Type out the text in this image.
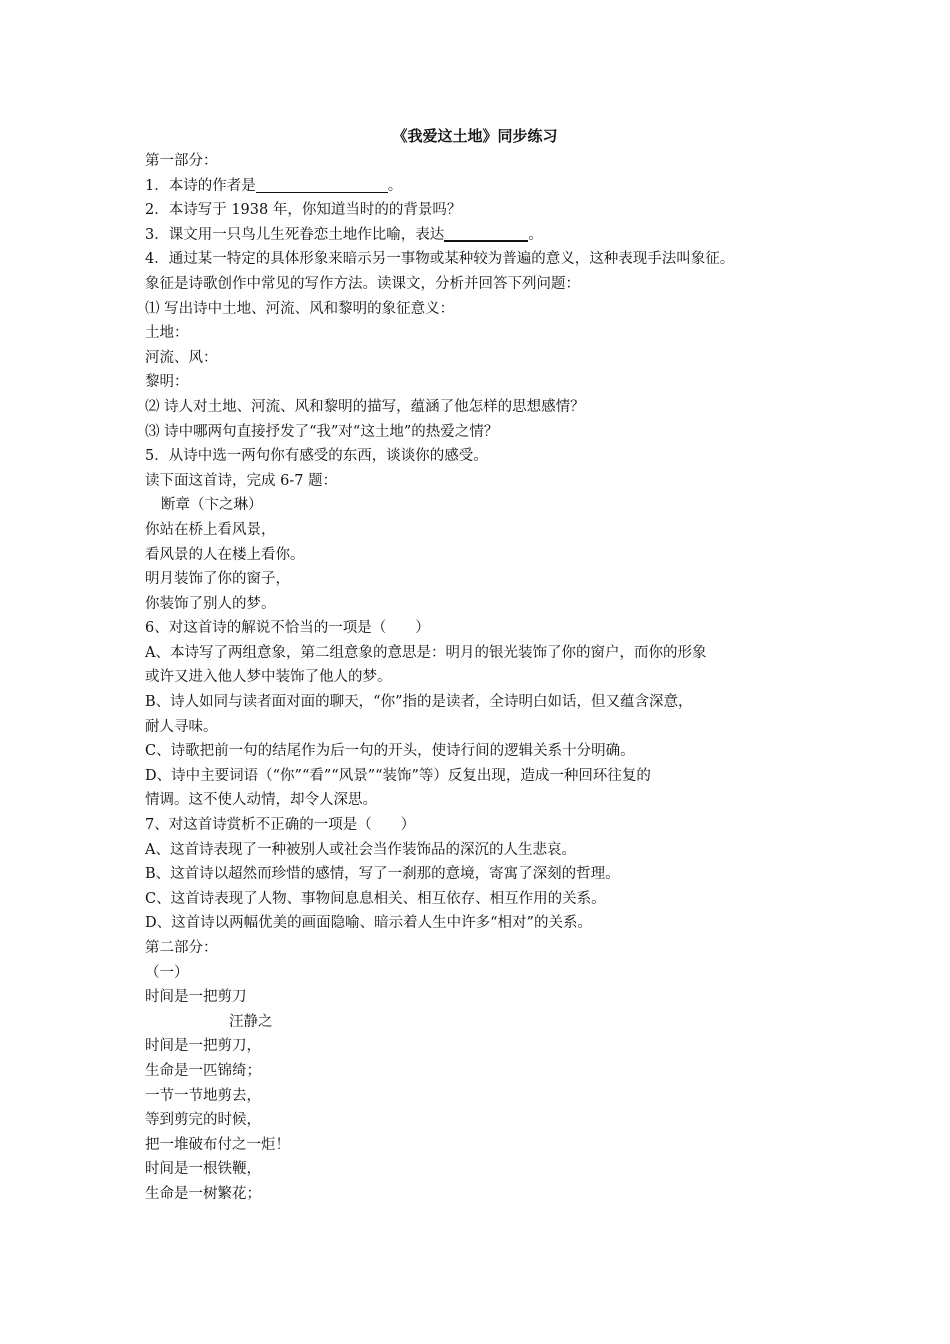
《我爱这土地》同步练习

第一部分：

1．本诗的作者是	。

2．本诗写于 1938 年，你知道当时的的背景吗？

3．课文用一只鸟儿生死眷恋土地作比喻，表达	。

4．通过某一特定的具体形象来暗示另一事物或某种较为普遍的意义，这种表现手法叫象征。

象征是诗歌创作中常见的写作方法。读课文，分析并回答下列问题：

⑴ 写出诗中土地、河流、风和黎明的象征意义：

土地：

河流、风：

黎明：

⑵ 诗人对土地、河流、风和黎明的描写，蕴涵了他怎样的思想感情？

⑶ 诗中哪两句直接抒发了“我”对“这土地”的热爱之情？

5．从诗中选一两句你有感受的东西，谈谈你的感受。

读下面这首诗，完成 6-7 题：

断章（卞之琳）

你站在桥上看风景，

看风景的人在楼上看你。

明月装饰了你的窗子，

你装饰了别人的梦。

6、对这首诗的解说不恰当的一项是（　　）

A、本诗写了两组意象，第二组意象的意思是：明月的银光装饰了你的窗户，而你的形象

或许又进入他人梦中装饰了他人的梦。

B、诗人如同与读者面对面的聊天，“你”指的是读者，全诗明白如话，但又蕴含深意，

耐人寻味。

C、诗歌把前一句的结尾作为后一句的开头，使诗行间的逻辑关系十分明确。

D、诗中主要词语（“你”“看”“风景”“装饰”等）反复出现，造成一种回环往复的

情调。这不使人动情，却令人深思。

7、对这首诗赏析不正确的一项是（　　）

A、这首诗表现了一种被别人或社会当作装饰品的深沉的人生悲哀。

B、这首诗以超然而珍惜的感情，写了一刹那的意境，寄寓了深刻的哲理。

C、这首诗表现了人物、事物间息息相关、相互依存、相互作用的关系。

D、这首诗以两幅优美的画面隐喻、暗示着人生中许多“相对”的关系。

第二部分：

（一）

时间是一把剪刀

汪静之

时间是一把剪刀，

生命是一匹锦绮；

一节一节地剪去，

等到剪完的时候，

把一堆破布付之一炬！

时间是一根铁鞭，

生命是一树繁花；
